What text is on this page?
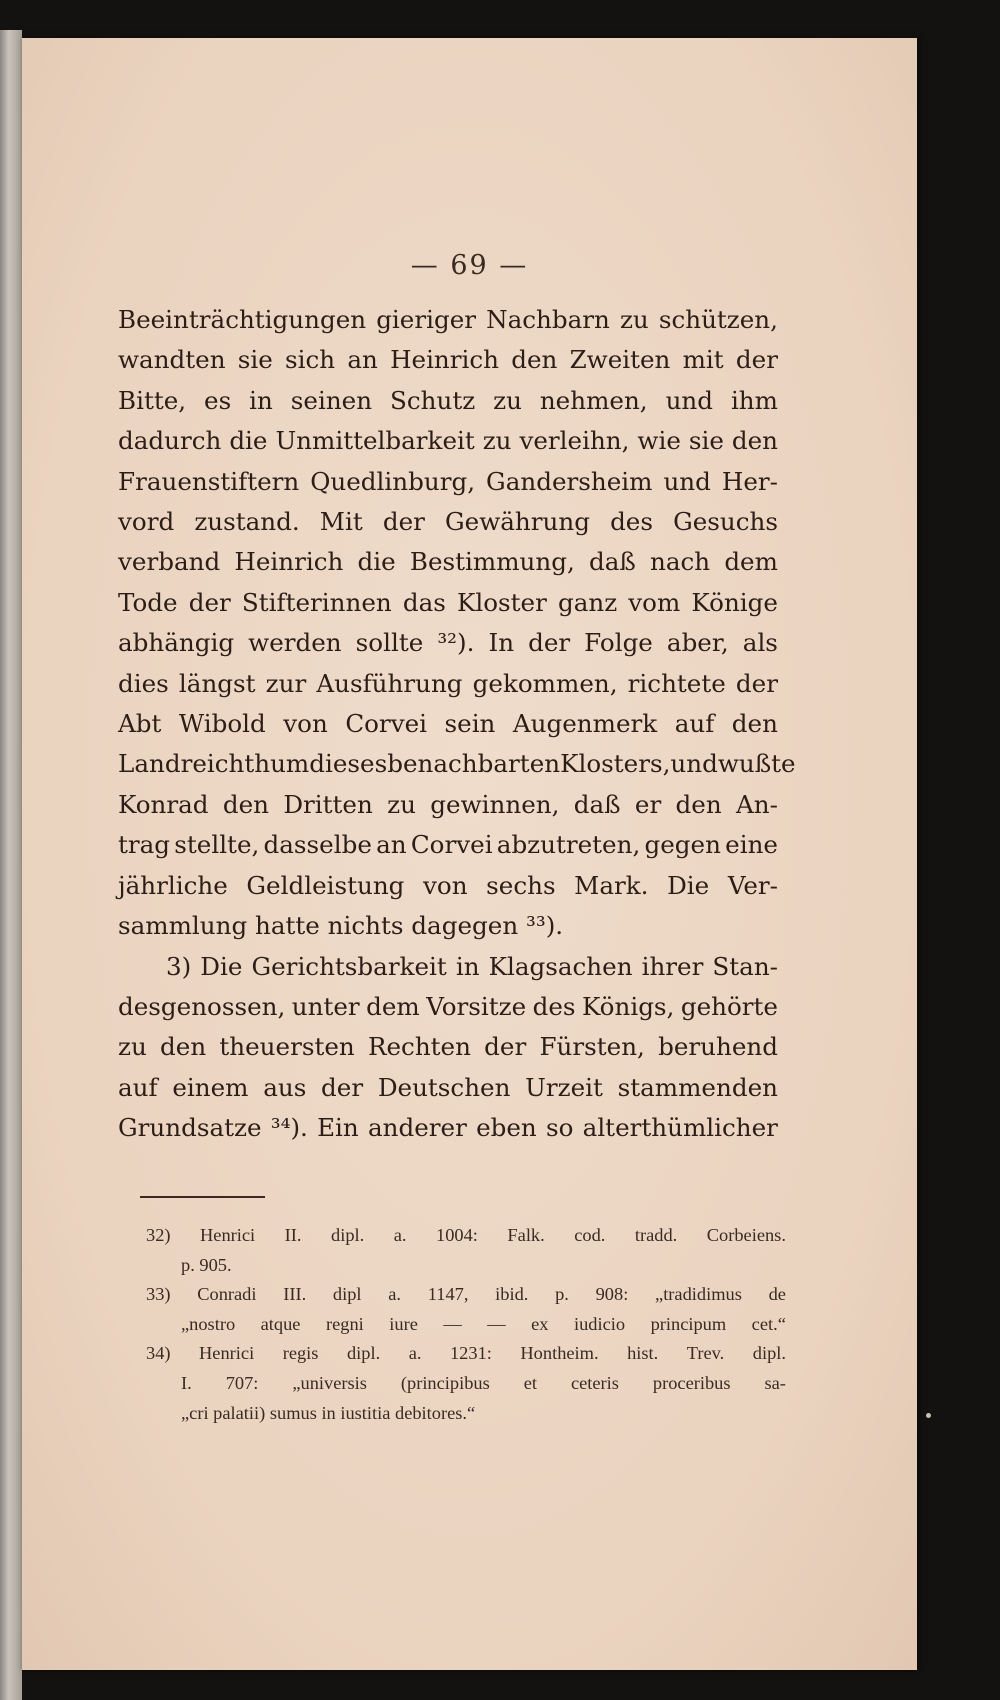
— 69 —
Beeinträchtigungen gieriger Nachbarn zu schützen,
wandten sie sich an Heinrich den Zweiten mit der
Bitte, es in seinen Schutz zu nehmen, und ihm
dadurch die Unmittelbarkeit zu verleihn, wie sie den
Frauenstiftern Quedlinburg, Gandersheim und Her-
vord zustand. Mit der Gewährung des Gesuchs
verband Heinrich die Bestimmung, daß nach dem
Tode der Stifterinnen das Kloster ganz vom Könige
abhängig werden sollte ³²). In der Folge aber, als
dies längst zur Ausführung gekommen, richtete der
Abt Wibold von Corvei sein Augenmerk auf den
Landreichthum dieses benachbarten Klosters, und wußte
Konrad den Dritten zu gewinnen, daß er den An-
trag stellte, dasselbe an Corvei abzutreten, gegen eine
jährliche Geldleistung von sechs Mark. Die Ver-
sammlung hatte nichts dagegen ³³).
3) Die Gerichtsbarkeit in Klagsachen ihrer Stan-
desgenossen, unter dem Vorsitze des Königs, gehörte
zu den theuersten Rechten der Fürsten, beruhend
auf einem aus der Deutschen Urzeit stammenden
Grundsatze ³⁴). Ein anderer eben so alterthümlicher
32) Henrici II. dipl. a. 1004: Falk. cod. tradd. Corbeiens.
p. 905.
33) Conradi III. dipl a. 1147, ibid. p. 908: „tradidimus de
„nostro atque regni iure — — ex iudicio principum cet.“
34) Henrici regis dipl. a. 1231: Hontheim. hist. Trev. dipl.
I. 707: „universis (principibus et ceteris proceribus sa-
„cri palatii) sumus in iustitia debitores.“
